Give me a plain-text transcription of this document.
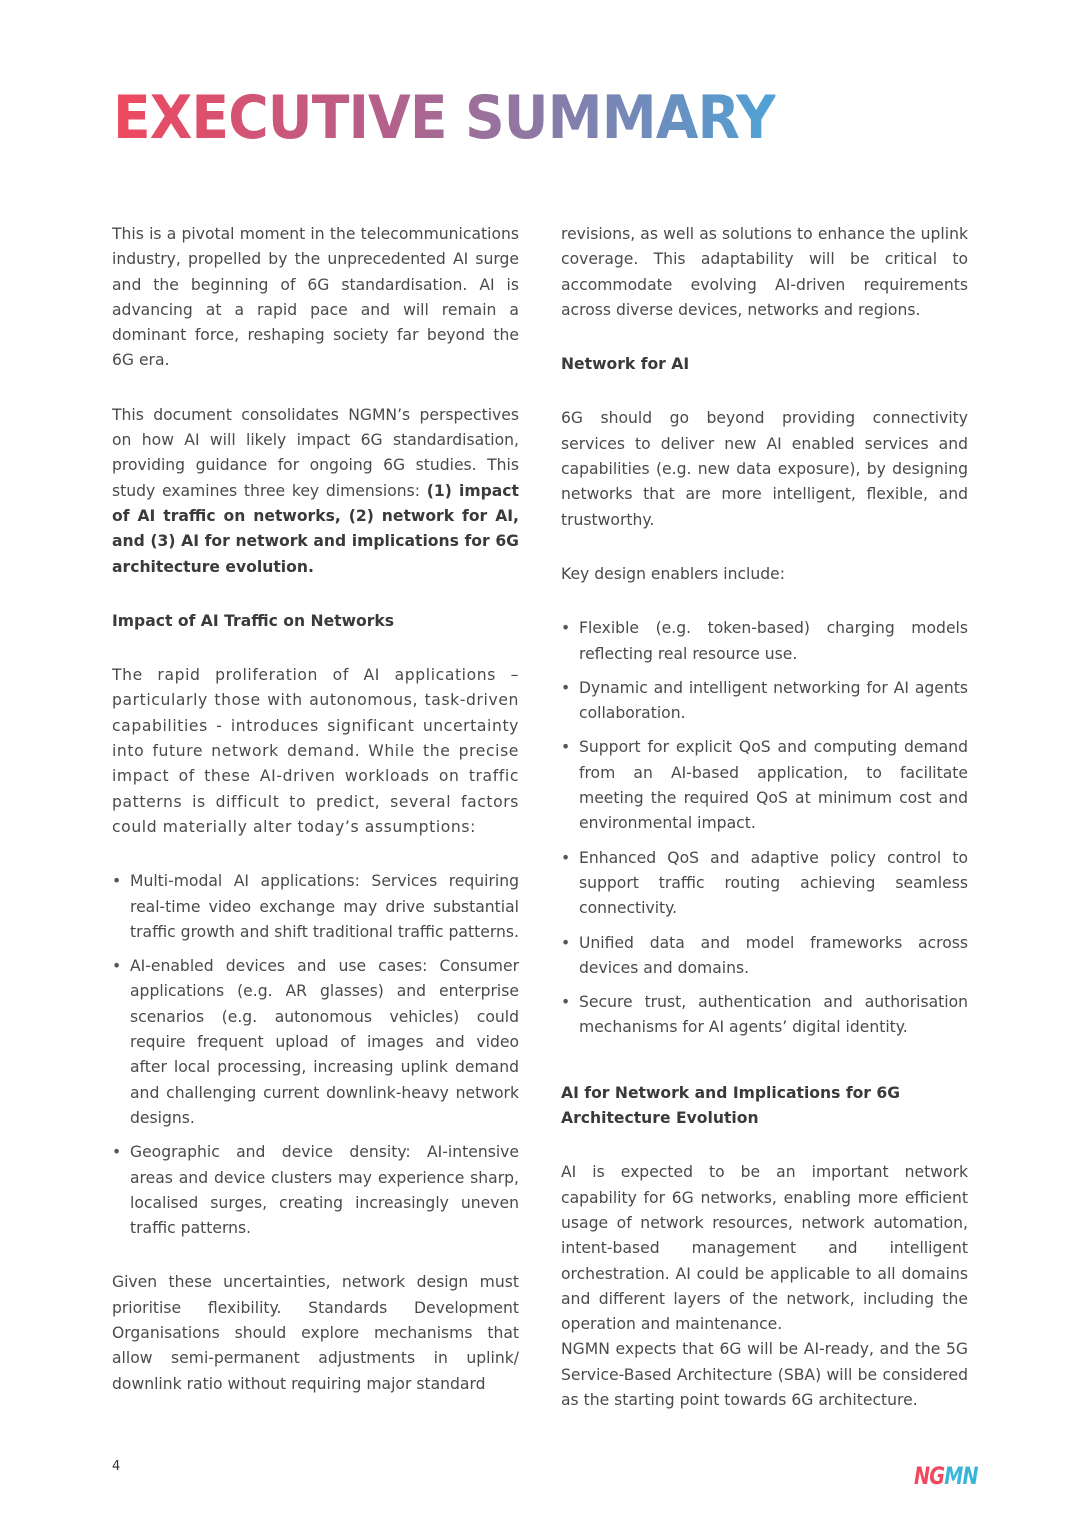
EXECUTIVE SUMMARY

This is a pivotal moment in the telecommunications industry, propelled by the unprecedented AI surge and the beginning of 6G standardisation. AI is advancing at a rapid pace and will remain a dominant force, reshaping society far beyond the 6G era.

This document consolidates NGMN’s perspectives on how AI will likely impact 6G standardisation, providing guidance for ongoing 6G studies. This study examines three key dimensions: (1) impact of AI traffic on networks, (2) network for AI, and (3) AI for network and implications for 6G architecture evolution.

Impact of AI Traffic on Networks

The rapid proliferation of AI applications – particularly those with autonomous, task-driven capabilities - introduces significant uncertainty into future network demand. While the precise impact of these AI-driven workloads on traffic patterns is difficult to predict, several factors could materially alter today’s assumptions:

• Multi-modal AI applications: Services requiring real-time video exchange may drive substantial traffic growth and shift traditional traffic patterns.
• AI-enabled devices and use cases: Consumer applications (e.g. AR glasses) and enterprise scenarios (e.g. autonomous vehicles) could require frequent upload of images and video after local processing, increasing uplink demand and challenging current downlink-heavy network designs.
• Geographic and device density: AI-intensive areas and device clusters may experience sharp, localised surges, creating increasingly uneven traffic patterns.

Given these uncertainties, network design must prioritise flexibility. Standards Development Organisations should explore mechanisms that allow semi-permanent adjustments in uplink/ downlink ratio without requiring major standard

revisions, as well as solutions to enhance the uplink coverage. This adaptability will be critical to accommodate evolving AI-driven requirements across diverse devices, networks and regions.

Network for AI

6G should go beyond providing connectivity services to deliver new AI enabled services and capabilities (e.g. new data exposure), by designing networks that are more intelligent, flexible, and trustworthy.

Key design enablers include:

• Flexible (e.g. token-based) charging models reflecting real resource use.
• Dynamic and intelligent networking for AI agents collaboration.
• Support for explicit QoS and computing demand from an AI-based application, to facilitate meeting the required QoS at minimum cost and environmental impact.
• Enhanced QoS and adaptive policy control to support traffic routing achieving seamless connectivity.
• Unified data and model frameworks across devices and domains.
• Secure trust, authentication and authorisation mechanisms for AI agents’ digital identity.
AI for Network and Implications for 6G
Architecture Evolution

AI is expected to be an important network capability for 6G networks, enabling more efficient usage of network resources, network automation, intent-based management and intelligent orchestration. AI could be applicable to all domains and different layers of the network, including the operation and maintenance.

NGMN expects that 6G will be AI-ready, and the 5G Service-Based Architecture (SBA) will be considered as the starting point towards 6G architecture.

4	NGMN
